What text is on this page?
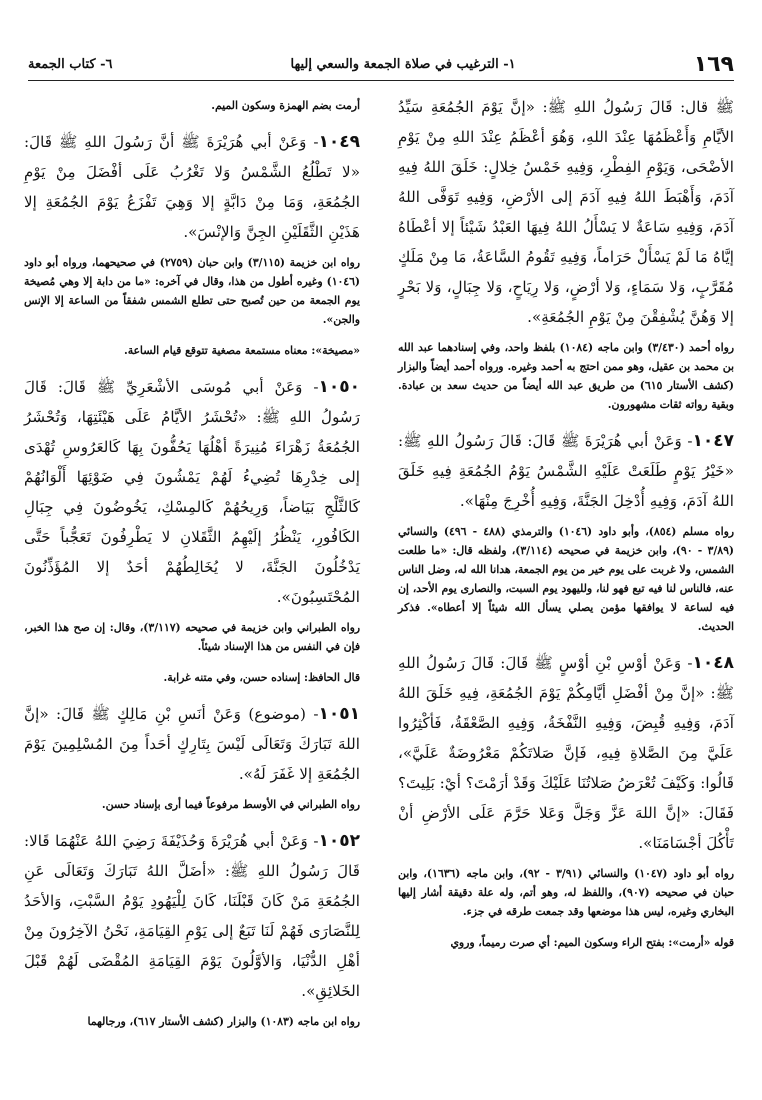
١٦٩
١- الترغيب في صلاة الجمعة والسعي إليها
٦- كتاب الجمعة

ﷺ قال: قَالَ رَسُولُ اللهِ ﷺ: «إنَّ يَوْمَ الجُمُعَةِ سَيِّدُ الأيَّامِ وَأَعْظَمُهَا عِنْدَ اللهِ، وَهُوَ أعْظَمُ عِنْدَ اللهِ مِنْ يَوْمِ الأضْحَى، وَيَوْمِ الفِطْرِ، وَفِيهِ خَمْسُ خِلالٍ: خَلَقَ اللهُ فِيهِ آدَمَ، وَأَهْبَطَ اللهُ فِيهِ آدَمَ إلى الأرْضِ، وَفِيهِ تَوَفَّى اللهُ آدَمَ، وَفِيهِ سَاعَةٌ لا يَسْأَلُ اللهُ فِيهَا العَبْدُ شَيْئاً إلا أعْطَاهُ إيَّاهُ مَا لَمْ يَسْأَلْ حَرَاماً، وَفِيهِ تَقُومُ السَّاعَةُ، مَا مِنْ مَلَكٍ مُقَرَّبٍ، وَلا سَمَاءٍ، وَلا أرْضٍ، وَلا رِيَاحٍ، وَلا جِبَالٍ، وَلا بَحْرٍ إلا وَهُنَّ يُشْفِقْنَ مِنْ يَوْمِ الجُمُعَةِ».

رواه أحمد (٣/٤٣٠) وابن ماجه (١٠٨٤) بلفظ واحد، وفي إسنادهما عبد الله بن محمد بن عقيل، وهو ممن احتج به أحمد وغيره. ورواه أحمد أيضاً والبزار (كشف الأستار ٦١٥) من طريق عبد الله أيضاً من حديث سعد بن عبادة. وبقية رواته ثقات مشهورون.

١٠٤٧- وَعَنْ أبي هُرَيْرَةَ ﷺ قَالَ: قَالَ رَسُولُ اللهِ ﷺ: «خَيْرُ يَوْمٍ طَلَعَتْ عَلَيْهِ الشَّمْسُ يَوْمُ الجُمُعَةِ فِيهِ خَلَقَ اللهُ آدَمَ، وَفِيهِ أُدْخِلَ الجَنَّةَ، وَفِيهِ أُخْرِجَ مِنْهَا».

رواه مسلم (٨٥٤)، وأبو داود (١٠٤٦) والترمذي (٤٨٨ - ٤٩٦) والنسائي (٣/٨٩ - ٩٠)، وابن خزيمة في صحيحه (٣/١١٤)، ولفظه قال: «ما طلعت الشمس، ولا غربت على يوم خير من يوم الجمعة، هدانا الله له، وضل الناس عنه، فالناس لنا فيه تبع فهو لنا، ولليهود يوم السبت، والنصارى يوم الأحد، إن فيه لساعة لا يوافقها مؤمن يصلي يسأل الله شيئاً إلا أعطاه». فذكر الحديث.

١٠٤٨- وَعَنْ أوْسِ بْنِ أوْسٍ ﷺ قَالَ: قَالَ رَسُولُ اللهِ ﷺ: «إنَّ مِنْ أفْضَلِ أيَّامِكُمْ يَوْمَ الجُمُعَةِ، فِيهِ خَلَقَ اللهُ آدَمَ، وَفِيهِ قُبِضَ، وَفِيهِ النَّفْخَةُ، وَفِيهِ الصَّعْقَةُ، فَأكْثِرُوا عَلَيَّ مِنَ الصَّلاةِ فِيهِ، فَإنَّ صَلاتَكُمْ مَعْرُوضَةٌ عَلَيَّ»، قَالُوا: وَكَيْفَ تُعْرَضُ صَلاتُنَا عَلَيْكَ وَقَدْ أرَمْتَ؟ أيْ: بَلِيتَ؟ فَقَالَ: «إنَّ اللهَ عَزَّ وَجَلَّ وَعَلا حَرَّمَ عَلَى الأرْضِ أنْ تَأْكُلَ أجْسَامَنَا».

رواه أبو داود (١٠٤٧) والنسائي (٣/٩١ - ٩٢)، وابن ماجه (١٦٣٦)، وابن حبان في صحيحه (٩٠٧)، واللفظ له، وهو أتم، وله علة دقيقة أشار إليها البخاري وغيره، ليس هذا موضعها وقد جمعت طرقه في جزء.

قوله «أرمت»: بفتح الراء وسكون الميم: أي صرت رميماً، وروي

أرمت بضم الهمزة وسكون الميم.

١٠٤٩- وَعَنْ أبي هُرَيْرَةَ ﷺ أنَّ رَسُولَ اللهِ ﷺ قَالَ: «لا تَطْلُعُ الشَّمْسُ وَلا تَغْرُبُ عَلَى أفْضَلَ مِنْ يَوْمِ الجُمُعَةِ، وَمَا مِنْ دَابَّةٍ إلا وَهِيَ تَفْزَعُ يَوْمَ الجُمُعَةِ إلا هَذَيْنِ الثَّقَلَيْنِ الجِنَّ وَالإنْسَ».

رواه ابن خزيمة (٣/١١٥) وابن حبان (٢٧٥٩) في صحيحهما، ورواه أبو داود (١٠٤٦) وغيره أطول من هذا، وقال في آخره: «ما من دابة إلا وهي مُصيخة يوم الجمعة من حين تُصبح حتى تطلع الشمس شفقاً من الساعة إلا الإنس والجن».

«مصيخة»: معناه مستمعة مصغية تتوقع قيام الساعة.

١٠٥٠- وَعَنْ أبي مُوسَى الأشْعَرِيِّ ﷺ قَالَ: قَالَ رَسُولُ اللهِ ﷺ: «تُحْشَرُ الأيَّامُ عَلَى هَيْئَتِهَا، وَتُحْشَرُ الجُمُعَةُ زَهْرَاءَ مُنِيرَةً أهْلُهَا يَحُفُّونَ بِهَا كَالعَرُوسِ تُهْدَى إلى خِدْرِهَا تُضِيءُ لَهُمْ يَمْشُونَ فِي ضَوْئِهَا أَلْوَانُهُمْ كَالثَّلْجِ بَيَاضاً، وَرِيحُهُمْ كَالمِسْكِ، يَخُوضُونَ فِي جِبَالِ الكَافُورِ، يَنْظُرُ إلَيْهِمُ الثَّقَلانِ لا يَطْرِفُونَ تَعَجُّباً حَتَّى يَدْخُلُونَ الجَنَّةَ، لا يُخَالِطُهُمْ أحَدٌ إلا المُؤَذِّنُونَ المُحْتَسِبُونَ».

رواه الطبراني وابن خزيمة في صحيحه (٣/١١٧)، وقال: إن صح هذا الخبر، فإن في النفس من هذا الإسناد شيئاً.

قال الحافظ: إسناده حسن، وفي متنه غرابة.

١٠٥١- (موضوع) وَعَنْ أنَسِ بْنِ مَالِكٍ ﷺ قَالَ: «إنَّ اللهَ تَبَارَكَ وَتَعَالَى لَيْسَ بِتَارِكٍ أحَداً مِنَ المُسْلِمِينَ يَوْمَ الجُمُعَةِ إلا غَفَرَ لَهُ».

رواه الطبراني في الأوسط مرفوعاً فيما أرى بإسناد حسن.

١٠٥٢- وَعَنْ أبي هُرَيْرَةَ وَحُذَيْفَةَ رَضِيَ اللهُ عَنْهُمَا قَالا: قَالَ رَسُولُ اللهِ ﷺ: «أضَلَّ اللهُ تَبَارَكَ وَتَعَالَى عَنِ الجُمُعَةِ مَنْ كَانَ قَبْلَنَا، كَانَ لِلْيَهُودِ يَوْمُ السَّبْتِ، وَالأحَدُ لِلنَّصَارَى فَهُمْ لَنَا تَبَعٌ إلى يَوْمِ القِيَامَةِ، نَحْنُ الآخِرُونَ مِنْ أهْلِ الدُّنْيَا، وَالأوَّلُونَ يَوْمَ القِيَامَةِ المُقْضَى لَهُمْ قَبْلَ الخَلائِقِ».

رواه ابن ماجه (١٠٨٣) والبزار (كشف الأستار ٦١٧)، ورجالهما
